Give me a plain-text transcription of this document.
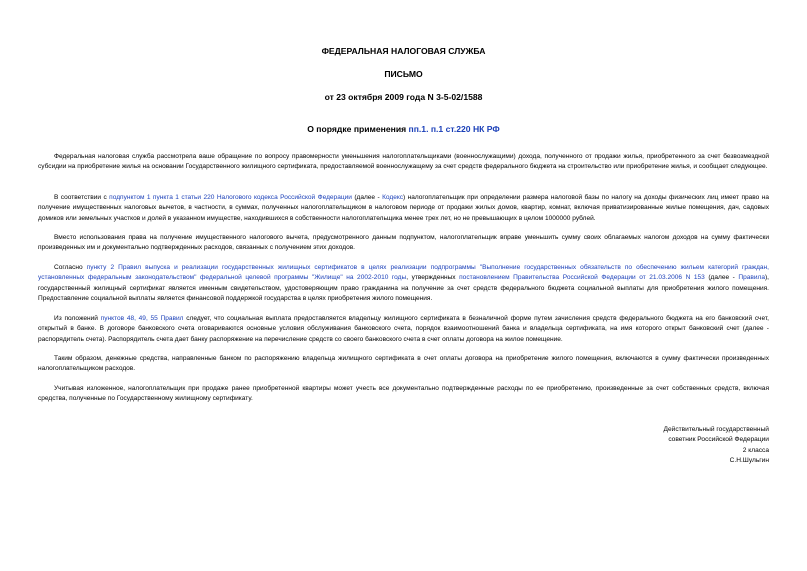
ФЕДЕРАЛЬНАЯ НАЛОГОВАЯ СЛУЖБА
ПИСЬМО
от 23 октября 2009 года N 3-5-02/1588
О порядке применения пп.1. п.1 ст.220 НК РФ
Федеральная налоговая служба рассмотрела ваше обращение по вопросу правомерности уменьшения налогоплательщиками (военнослужащими) дохода, полученного от продажи жилья, приобретенного за счет безвозмездной субсидии на приобретение жилья на основании Государственного жилищного сертификата, предоставляемой военнослужащему за счет средств федерального бюджета на строительство или приобретение жилья, и сообщает следующее.
В соответствии с подпунктом 1 пункта 1 статьи 220 Налогового кодекса Российской Федерации (далее - Кодекс) налогоплательщик при определении размера налоговой базы по налогу на доходы физических лиц имеет право на получение имущественных налоговых вычетов, в частности, в суммах, полученных налогоплательщиком в налоговом периоде от продажи жилых домов, квартир, комнат, включая приватизированные жилые помещения, дач, садовых домиков или земельных участков и долей в указанном имуществе, находившихся в собственности налогоплательщика менее трех лет, но не превышающих в целом 1000000 рублей.
Вместо использования права на получение имущественного налогового вычета, предусмотренного данным подпунктом, налогоплательщик вправе уменьшить сумму своих облагаемых налогом доходов на сумму фактически произведенных им и документально подтвержденных расходов, связанных с получением этих доходов.
Согласно пункту 2 Правил выпуска и реализации государственных жилищных сертификатов в целях реализации подпрограммы "Выполнение государственных обязательств по обеспечению жильем категорий граждан, установленных федеральным законодательством" федеральной целевой программы "Жилище" на 2002-2010 годы, утвержденных постановлением Правительства Российской Федерации от 21.03.2006 N 153 (далее - Правила), государственный жилищный сертификат является именным свидетельством, удостоверяющим право гражданина на получение за счет средств федерального бюджета социальной выплаты для приобретения жилого помещения. Предоставление социальной выплаты является финансовой поддержкой государства в целях приобретения жилого помещения.
Из положений пунктов 48, 49, 55 Правил следует, что социальная выплата предоставляется владельцу жилищного сертификата в безналичной форме путем зачисления средств федерального бюджета на его банковский счет, открытый в банке. В договоре банковского счета оговариваются основные условия обслуживания банковского счета, порядок взаимоотношений банка и владельца сертификата, на имя которого открыт банковский счет (далее - распорядитель счета). Распорядитель счета дает банку распоряжение на перечисление средств со своего банковского счета в счет оплаты договора на жилое помещение.
Таким образом, денежные средства, направленные банком по распоряжению владельца жилищного сертификата в счет оплаты договора на приобретение жилого помещения, включаются в сумму фактически произведенных налогоплательщиком расходов.
Учитывая изложенное, налогоплательщик при продаже ранее приобретенной квартиры может учесть все документально подтвержденные расходы по ее приобретению, произведенные за счет собственных средств, включая средства, полученные по Государственному жилищному сертификату.
Действительный государственный
советник Российской Федерации
2 класса
С.Н.Шульгин
